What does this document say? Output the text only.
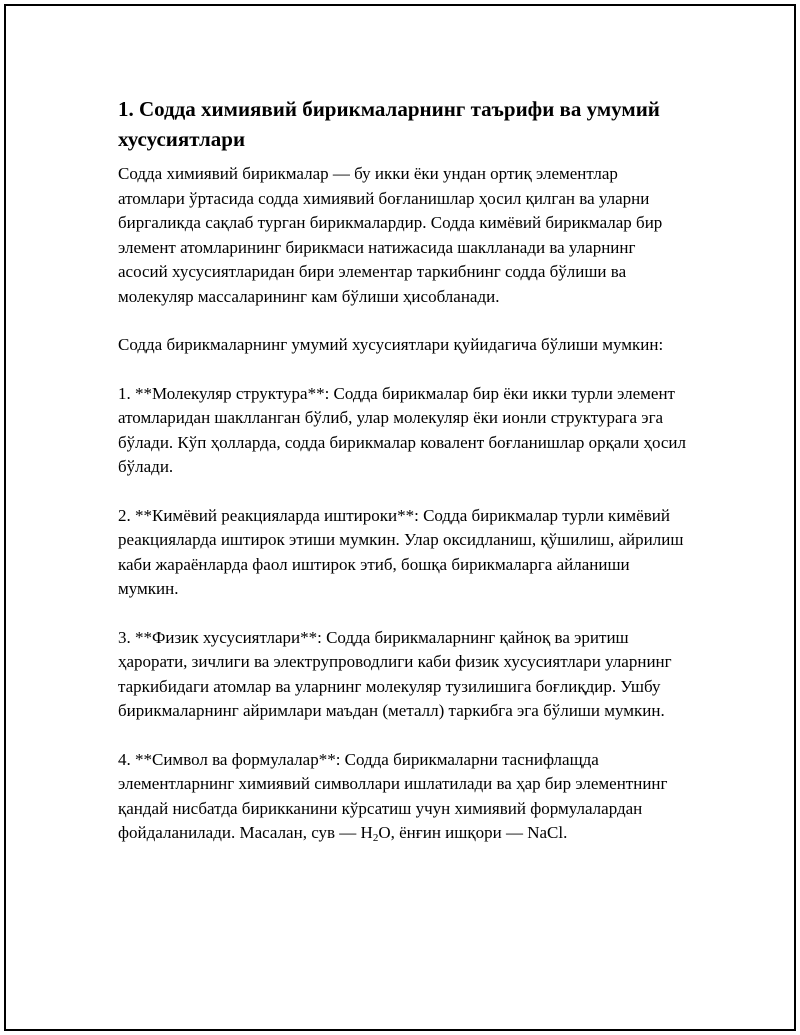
1. Содда химиявий бирикмаларнинг таърифи ва умумий хусусиятлари

Содда химиявий бирикмалар — бу икки ёки ундан ортиқ элементлар атомлари ўртасида содда химиявий боғланишлар ҳосил қилган ва уларни биргаликда сақлаб турган бирикмалардир. Содда кимёвий бирикмалар бир элемент атомларининг бирикмаси натижасида шаклланади ва уларнинг асосий хусусиятларидан бири элементар таркибнинг содда бўлиши ва молекуляр массаларининг кам бўлиши ҳисобланади.

Содда бирикмаларнинг умумий хусусиятлари қуйидагича бўлиши мумкин:

1. **Молекуляр структура**: Содда бирикмалар бир ёки икки турли элемент атомларидан шаклланган бўлиб, улар молекуляр ёки ионли структурага эга бўлади. Кўп ҳолларда, содда бирикмалар ковалент боғланишлар орқали ҳосил бўлади.

2. **Кимёвий реакцияларда иштироки**: Содда бирикмалар турли кимёвий реакцияларда иштирок этиши мумкин. Улар оксидланиш, қўшилиш, айрилиш каби жараёнларда фаол иштирок этиб, бошқа бирикмаларга айланиши мумкин.

3. **Физик хусусиятлари**: Содда бирикмаларнинг қайноқ ва эритиш ҳарорати, зичлиги ва электрупроводлиги каби физик хусусиятлари уларнинг таркибидаги атомлар ва уларнинг молекуляр тузилишига боғлиқдир. Ушбу бирикмаларнинг айримлари маъдан (металл) таркибга эга бўлиши мумкин.

4. **Символ ва формулалар**: Содда бирикмаларни таснифлащда элементларнинг химиявий символлари ишлатилади ва ҳар бир элементнинг қандай нисбатда бирикканини кўрсатиш учун химиявий формулалардан фойдаланилади. Масалан, сув — $H_2O$, ёнғин ишқори — NaCl.
